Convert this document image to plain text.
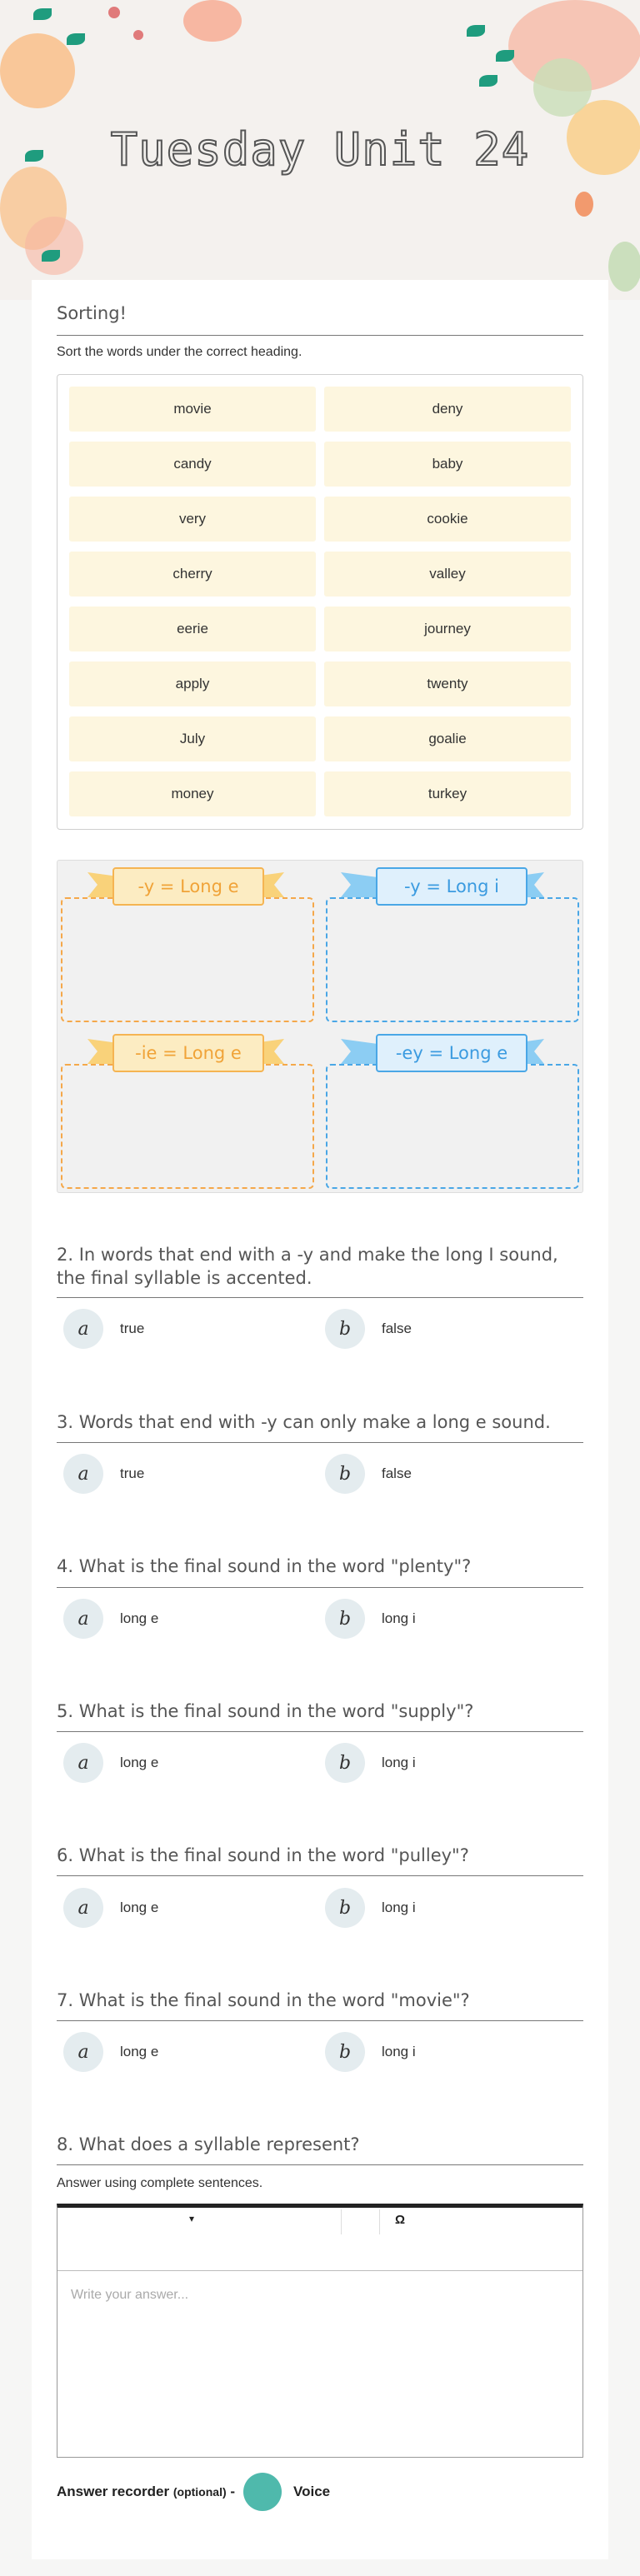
Tuesday Unit 24
Sorting!
Sort the words under the correct heading.
movie	deny
candy	baby
very	cookie
cherry	valley
eerie	journey
apply	twenty
July	goalie
money	turkey
-y = Long e	-y = Long i
-ie = Long e	-ey = Long e
2. In words that end with a -y and make the long I sound, the final syllable is accented.
a	true	b	false
3. Words that end with -y can only make a long e sound.
a	true	b	false
4. What is the final sound in the word "plenty"?
a	long e	b	long i
5. What is the final sound in the word "supply"?
a	long e	b	long i
6. What is the final sound in the word "pulley"?
a	long e	b	long i
7. What is the final sound in the word "movie"?
a	long e	b	long i
8. What does a syllable represent?
Answer using complete sentences.
▾	Ω
Write your answer...
Answer recorder (optional) -	Voice
